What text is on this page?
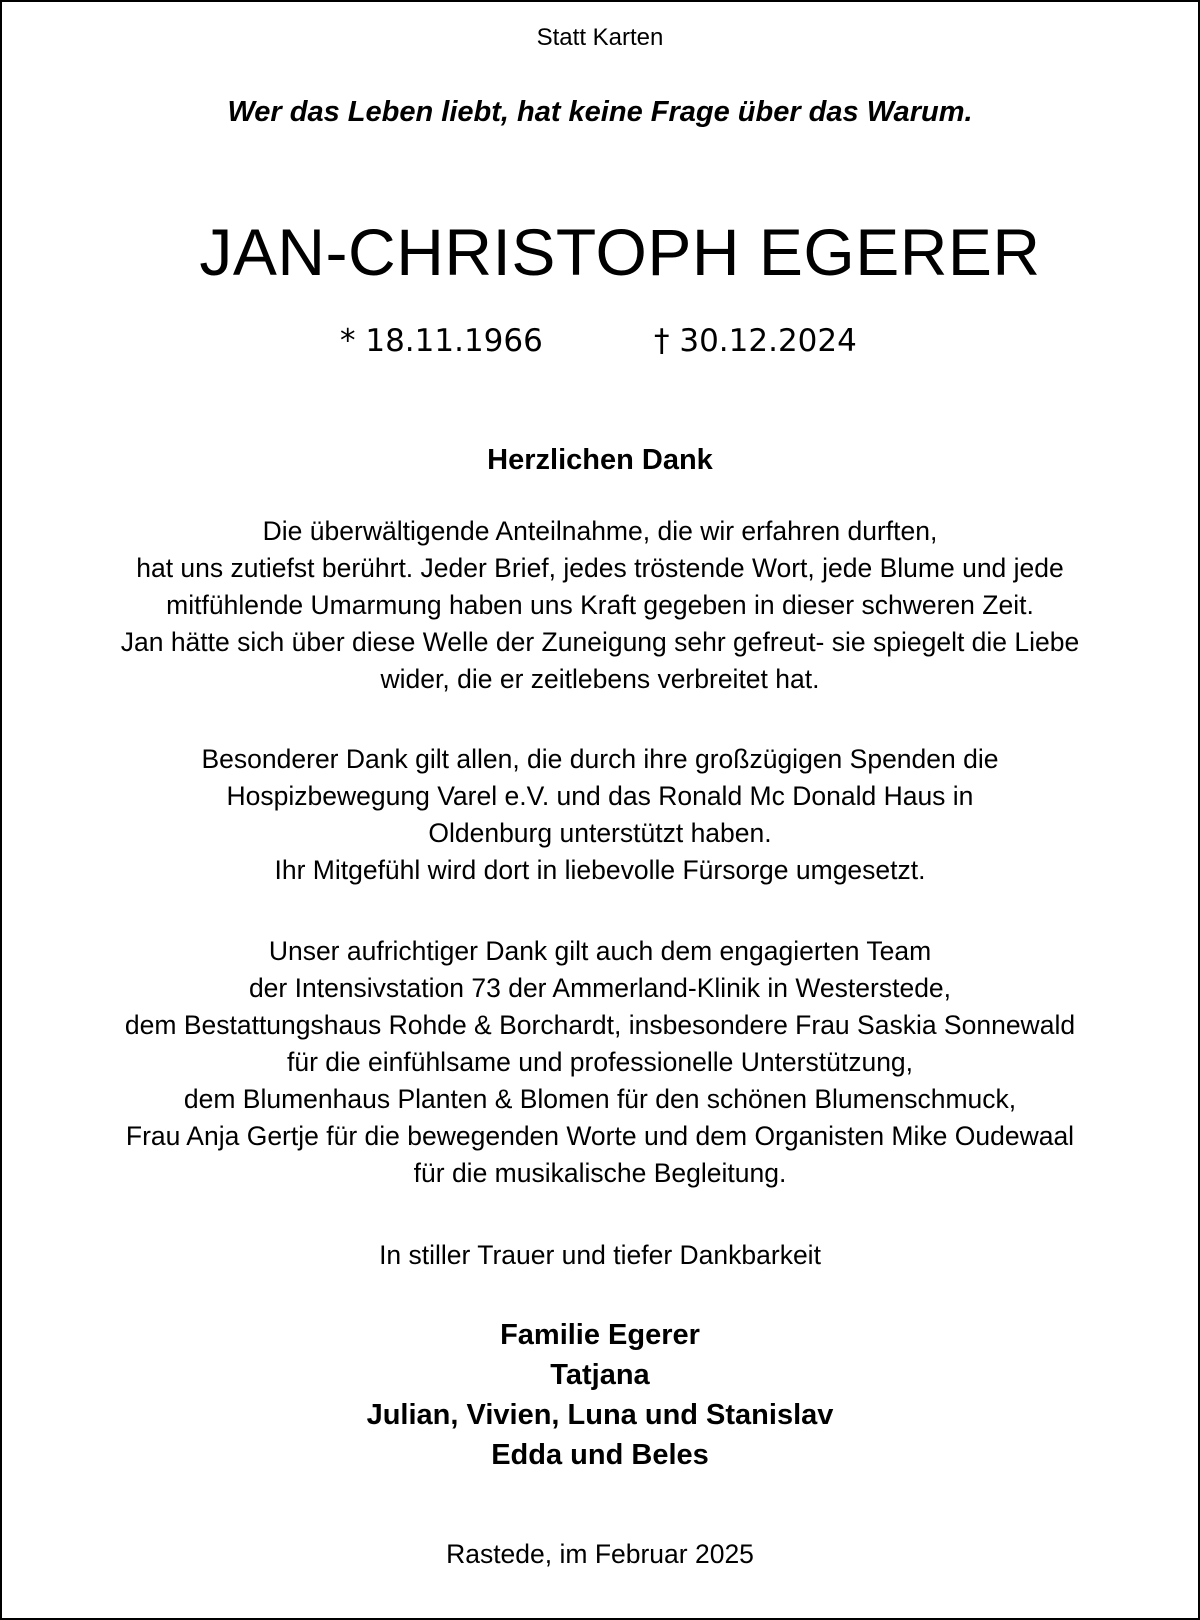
Statt Karten
Wer das Leben liebt, hat keine Frage über das Warum.
JAN-CHRISTOPH EGERER
* 18.11.1966	† 30.12.2024
Herzlichen Dank

Die überwältigende Anteilnahme, die wir erfahren durften,

hat uns zutiefst berührt. Jeder Brief, jedes tröstende Wort, jede Blume und jede

mitfühlende Umarmung haben uns Kraft gegeben in dieser schweren Zeit.

Jan hätte sich über diese Welle der Zuneigung sehr gefreut- sie spiegelt die Liebe

wider, die er zeitlebens verbreitet hat.

Besonderer Dank gilt allen, die durch ihre großzügigen Spenden die

Hospizbewegung Varel e.V. und das Ronald Mc Donald Haus in

Oldenburg unterstützt haben.

Ihr Mitgefühl wird dort in liebevolle Fürsorge umgesetzt.

Unser aufrichtiger Dank gilt auch dem engagierten Team

der Intensivstation 73 der Ammerland-Klinik in Westerstede,

dem Bestattungshaus Rohde & Borchardt, insbesondere Frau Saskia Sonnewald

für die einfühlsame und professionelle Unterstützung,

dem Blumenhaus Planten & Blomen für den schönen Blumenschmuck,

Frau Anja Gertje für die bewegenden Worte und dem Organisten Mike Oudewaal

für die musikalische Begleitung.

In stiller Trauer und tiefer Dankbarkeit
Familie Egerer
Tatjana
Julian, Vivien, Luna und Stanislav
Edda und Beles
Rastede, im Februar 2025
